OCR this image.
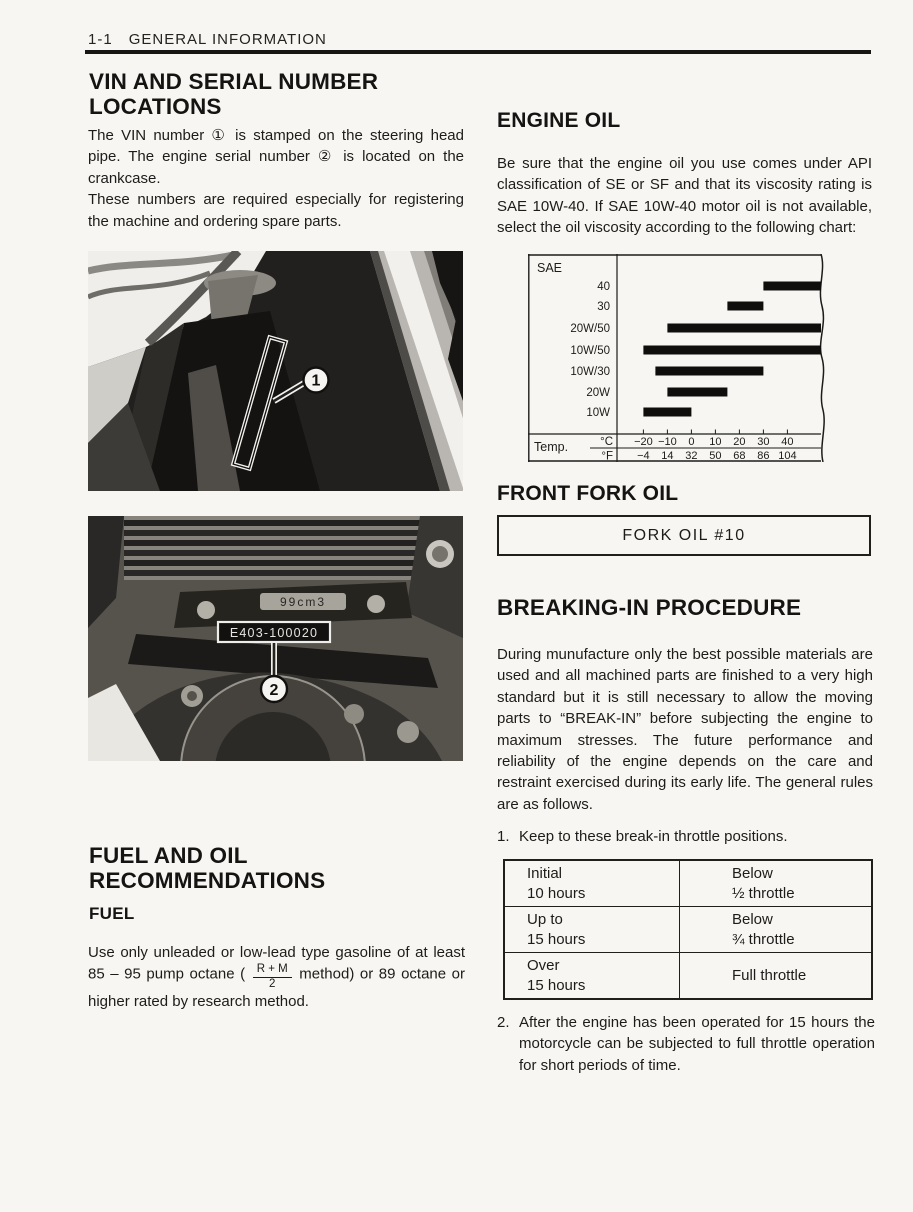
1-1 GENERAL INFORMATION
VIN AND SERIAL NUMBER
LOCATIONS

The VIN number ① is stamped on the steering head pipe. The engine serial number ② is located on the crankcase.

These numbers are required especially for registering the machine and ordering spare parts.

1
99cm3
E403-100020
2
FUEL AND OIL
RECOMMENDATIONS
FUEL

Use only unleaded or low-lead type gasoline of at least 85 – 95 pump octane ( $\frac{R + M}{2}$ method) or 89 octane or higher rated by research method.

ENGINE OIL

Be sure that the engine oil you use comes under API classification of SE or SF and that its viscosity rating is SAE 10W-40. If SAE 10W-40 motor oil is not available, select the oil viscosity according to the following chart:

SAE
Temp.	°C
°F
40
30
20W/50
10W/50
10W/30
20W
10W
−20
−4
−10
14
0
32
10
50
20
68
30
86
40
104
FRONT FORK OIL
FORK OIL #10
BREAKING-IN PROCEDURE

During munufacture only the best possible materials are used and all machined parts are finished to a very high standard but it is still necessary to allow the moving parts to “BREAK-IN” before subjecting the engine to maximum stresses. The future performance and reliability of the engine depends on the care and restraint exercised during its early life. The general rules are as follows.

1. Keep to these break-in throttle positions.
Initial
10 hours
Below
½ throttle
Up to
15 hours
Below
¾ throttle
Over
15 hours
Full throttle
2. After the engine has been operated for 15 hours the motorcycle can be subjected to full throttle operation for short periods of time.
